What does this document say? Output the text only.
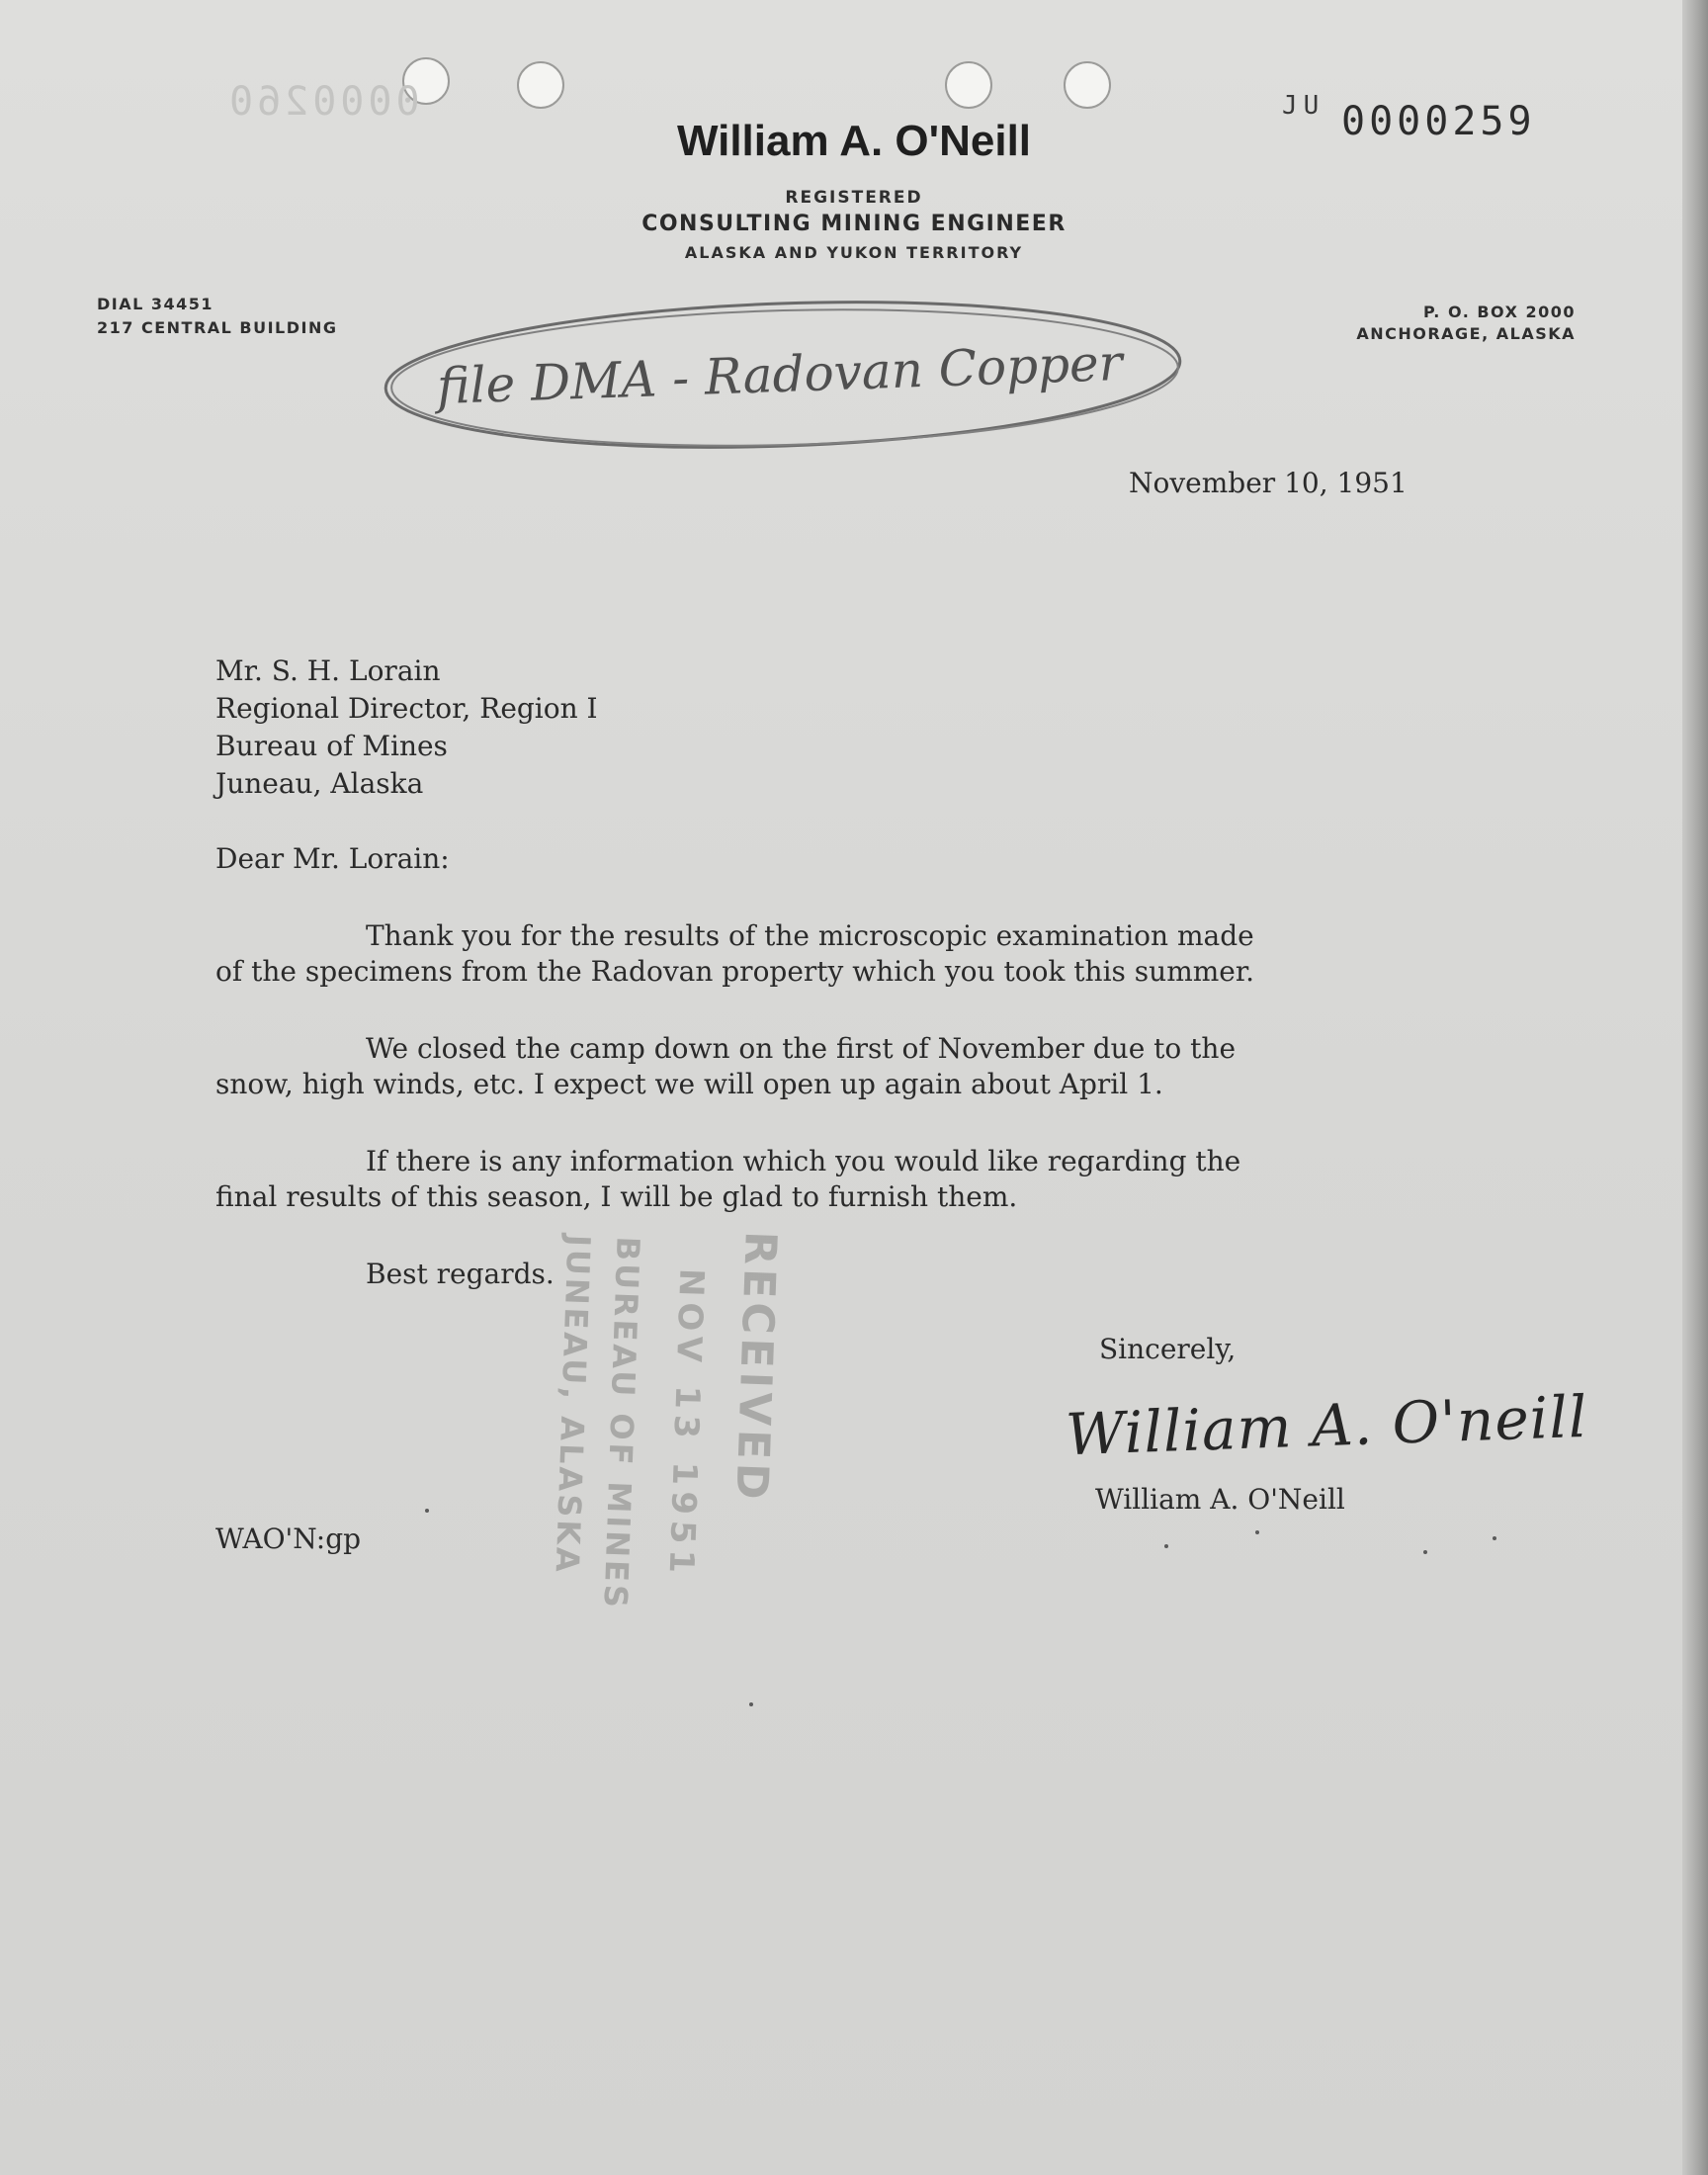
0000260	JU 0000259
William A. O'Neill
REGISTERED
CONSULTING MINING ENGINEER
ALASKA AND YUKON TERRITORY
DIAL 34451
217 CENTRAL BUILDING
P. O. BOX 2000
ANCHORAGE, ALASKA
file DMA - Radovan Copper
November 10, 1951
Mr. S. H. Lorain
Regional Director, Region I
Bureau of Mines
Juneau, Alaska
Dear Mr. Lorain:
Thank you for the results of the microscopic examination made
of the specimens from the Radovan property which you took this summer.
We closed the camp down on the first of November due to the
snow, high winds, etc. I expect we will open up again about April 1.
If there is any information which you would like regarding the
final results of this season, I will be glad to furnish them.
Best regards.
Sincerely,
William A. O'neill
William A. O'Neill
WAO'N:gp
RECEIVED
NOV 13 1951
BUREAU OF MINES
JUNEAU, ALASKA
